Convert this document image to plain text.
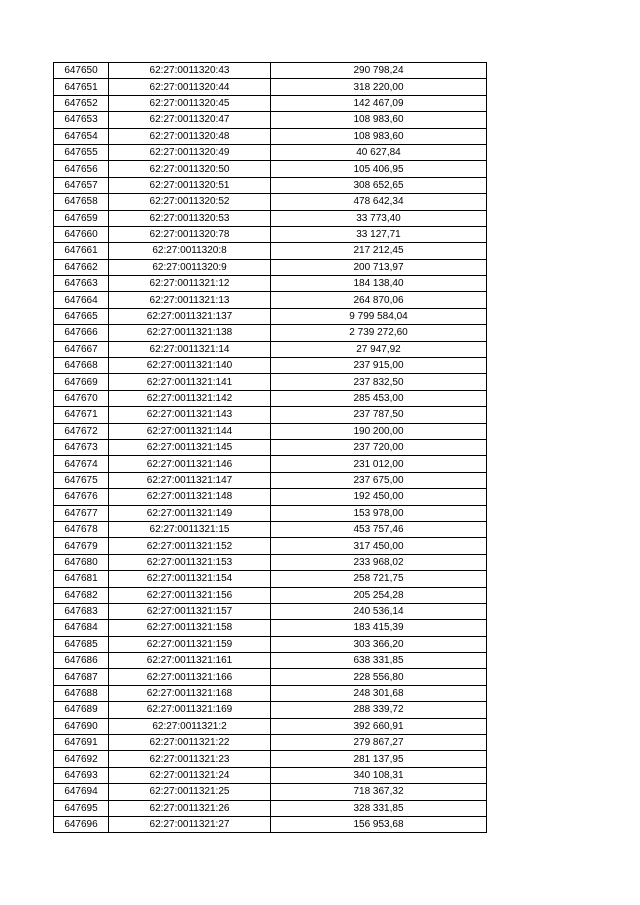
647650	62:27:0011320:43	290 798,24
647651	62:27:0011320:44	318 220,00
647652	62:27:0011320:45	142 467,09
647653	62:27:0011320:47	108 983,60
647654	62:27:0011320:48	108 983,60
647655	62:27:0011320:49	40 627,84
647656	62:27:0011320:50	105 406,95
647657	62:27:0011320:51	308 652,65
647658	62:27:0011320:52	478 642,34
647659	62:27:0011320:53	33 773,40
647660	62:27:0011320:78	33 127,71
647661	62:27:0011320:8	217 212,45
647662	62:27:0011320:9	200 713,97
647663	62:27:0011321:12	184 138,40
647664	62:27:0011321:13	264 870,06
647665	62:27:0011321:137	9 799 584,04
647666	62:27:0011321:138	2 739 272,60
647667	62:27:0011321:14	27 947,92
647668	62:27:0011321:140	237 915,00
647669	62:27:0011321:141	237 832,50
647670	62:27:0011321:142	285 453,00
647671	62:27:0011321:143	237 787,50
647672	62:27:0011321:144	190 200,00
647673	62:27:0011321:145	237 720,00
647674	62:27:0011321:146	231 012,00
647675	62:27:0011321:147	237 675,00
647676	62:27:0011321:148	192 450,00
647677	62:27:0011321:149	153 978,00
647678	62:27:0011321:15	453 757,46
647679	62:27:0011321:152	317 450,00
647680	62:27:0011321:153	233 968,02
647681	62:27:0011321:154	258 721,75
647682	62:27:0011321:156	205 254,28
647683	62:27:0011321:157	240 536,14
647684	62:27:0011321:158	183 415,39
647685	62:27:0011321:159	303 366,20
647686	62:27:0011321:161	638 331,85
647687	62:27:0011321:166	228 556,80
647688	62:27:0011321:168	248 301,68
647689	62:27:0011321:169	288 339,72
647690	62:27:0011321:2	392 660,91
647691	62:27:0011321:22	279 867,27
647692	62:27:0011321:23	281 137,95
647693	62:27:0011321:24	340 108,31
647694	62:27:0011321:25	718 367,32
647695	62:27:0011321:26	328 331,85
647696	62:27:0011321:27	156 953,68
